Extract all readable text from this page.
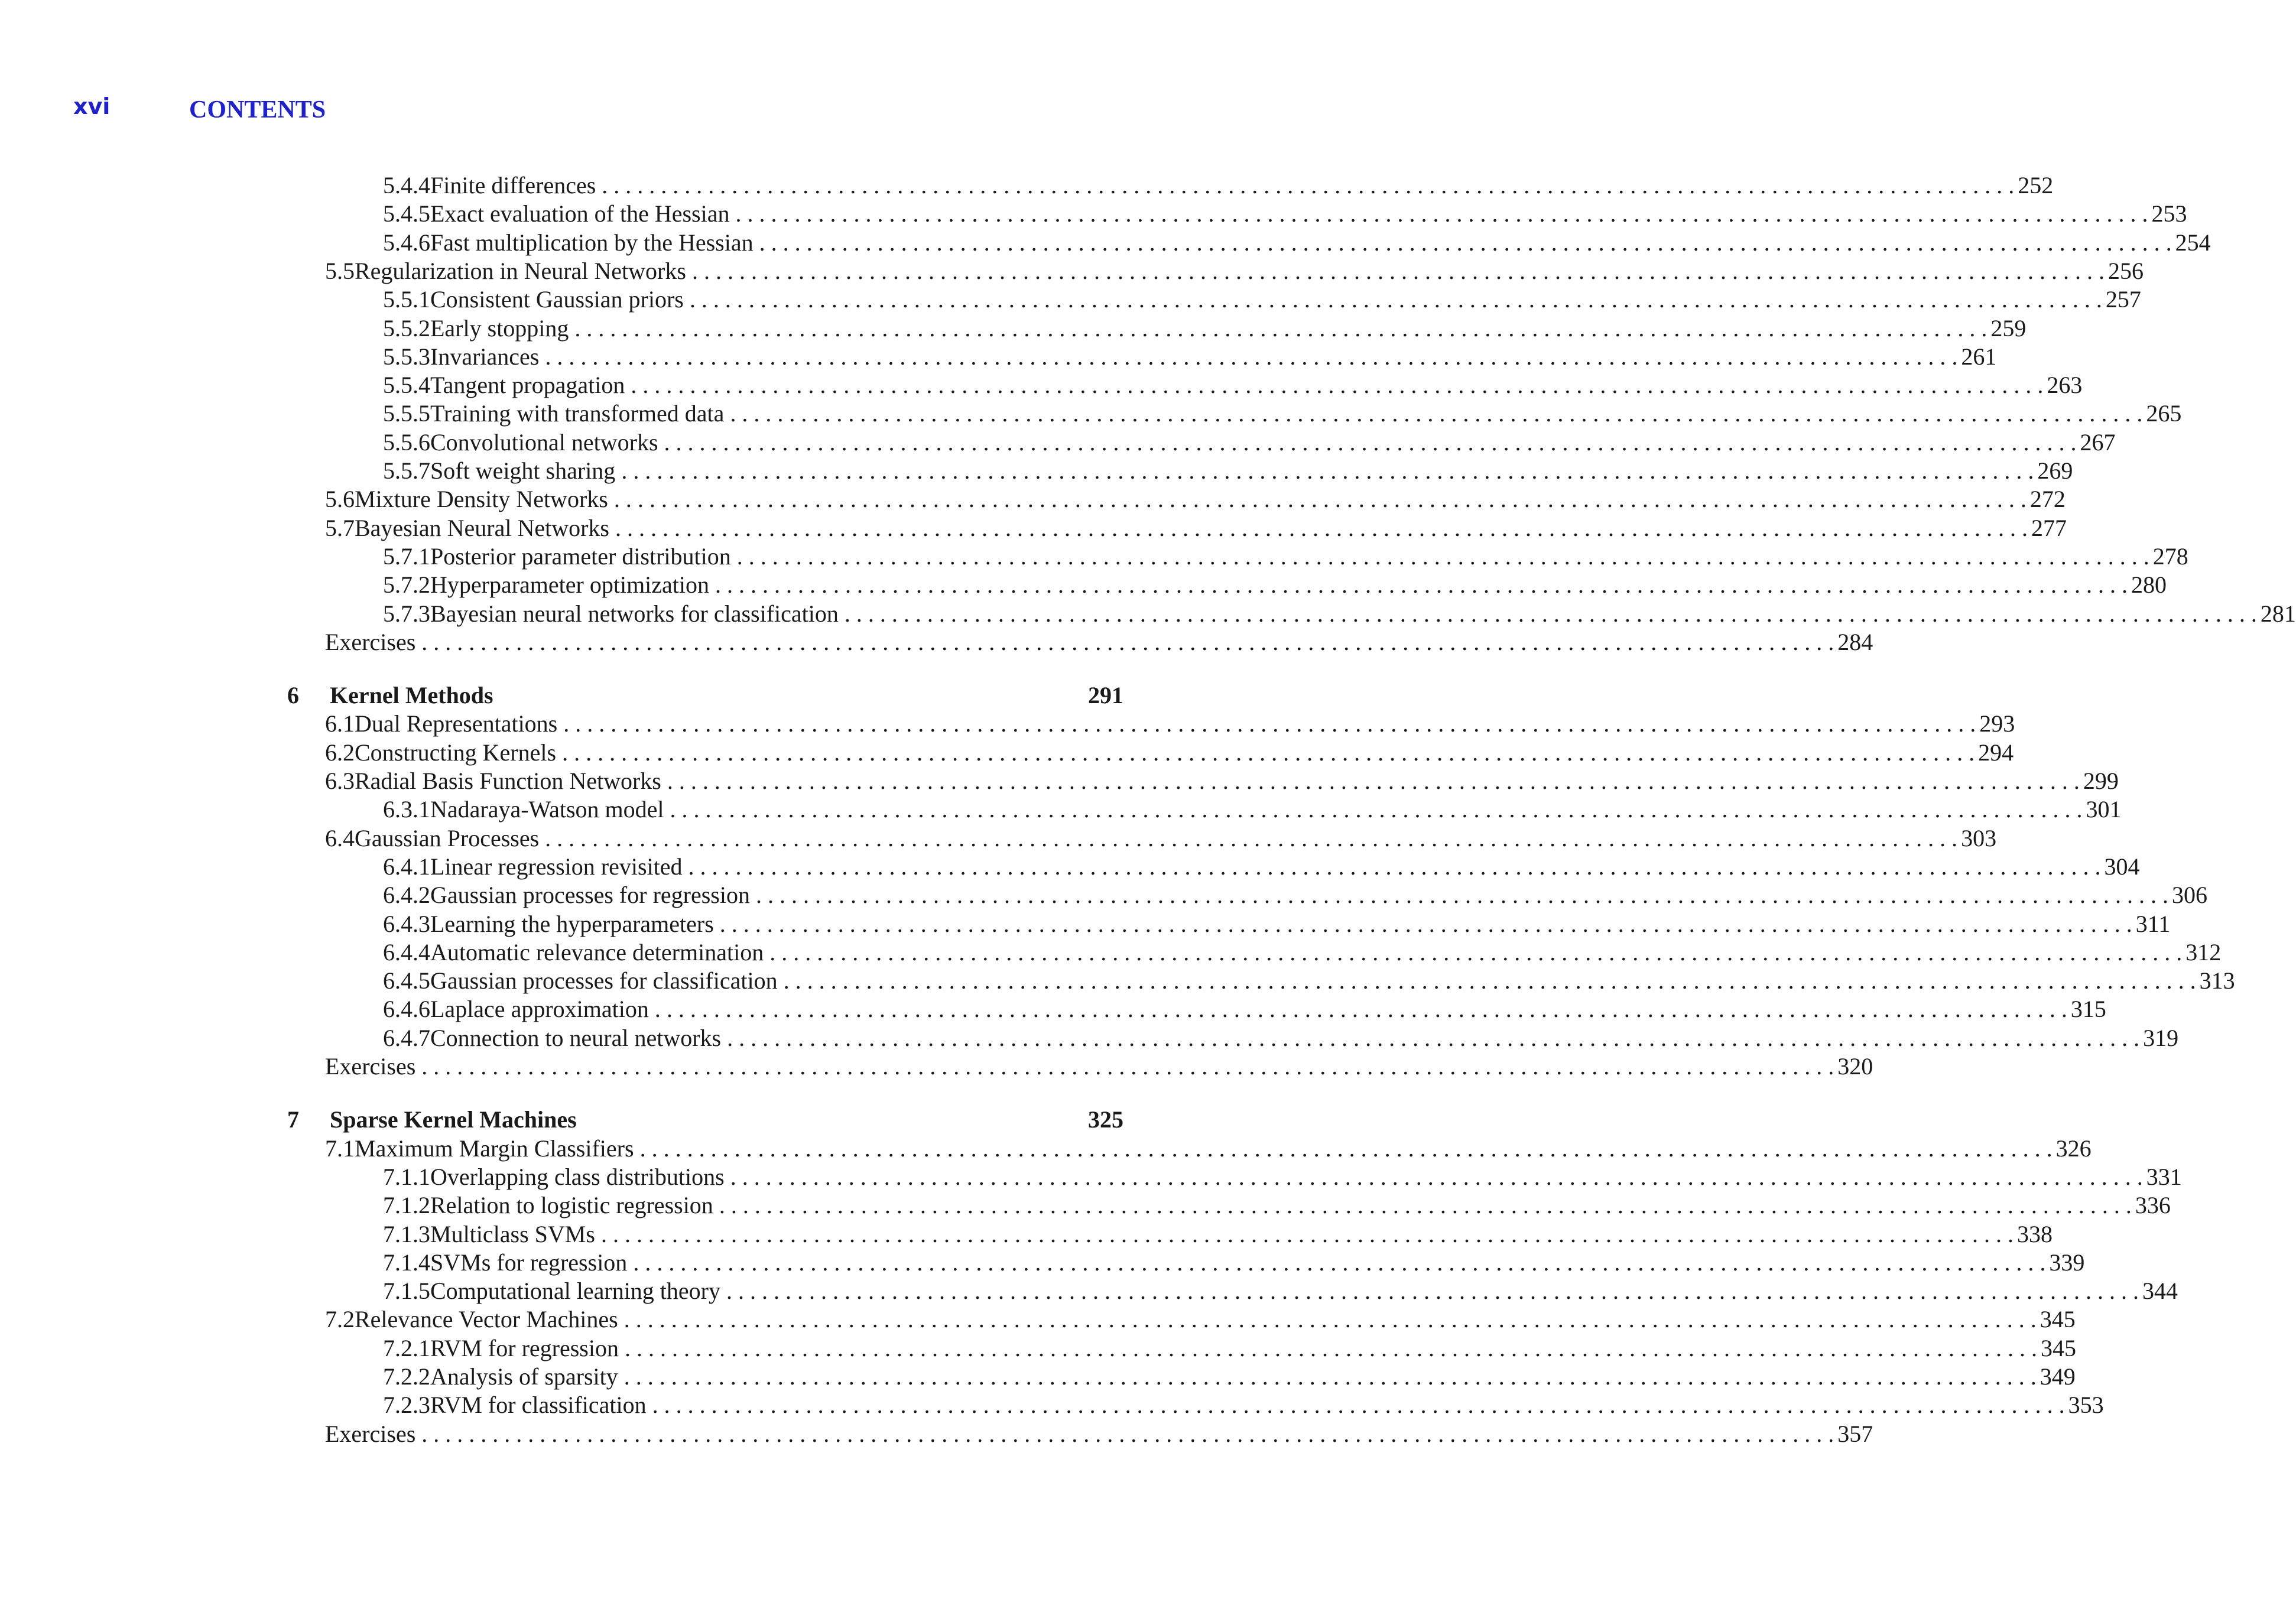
xvi	CONTENTS
5.4.4 Finite differences . . . . . . . . . . . . . . . . . . . . . . . . . . . . . . . . . . . . . . . . . . . . . . . . . . . . . . . . . . . . . . . . . . . . . . . . . . . . . . . . . . . . . . . . . . . . . . . . . . . . . . . . . . . . . . . . . . . . . . . . 252
5.4.5 Exact evaluation of the Hessian . . . . . . . . . . . . . . . . . . . . . . . . . . . . . . . . . . . . . . . . . . . . . . . . . . . . . . . . . . . . . . . . . . . . . . . . . . . . . . . . . . . . . . . . . . . . . . . . . . . . . . . . . . . . . . . . . . . . . . . . 253
5.4.6 Fast multiplication by the Hessian . . . . . . . . . . . . . . . . . . . . . . . . . . . . . . . . . . . . . . . . . . . . . . . . . . . . . . . . . . . . . . . . . . . . . . . . . . . . . . . . . . . . . . . . . . . . . . . . . . . . . . . . . . . . . . . . . . . . . . . . 254
5.5 Regularization in Neural Networks . . . . . . . . . . . . . . . . . . . . . . . . . . . . . . . . . . . . . . . . . . . . . . . . . . . . . . . . . . . . . . . . . . . . . . . . . . . . . . . . . . . . . . . . . . . . . . . . . . . . . . . . . . . . . . . . . . . . . . . . 256
5.5.1 Consistent Gaussian priors . . . . . . . . . . . . . . . . . . . . . . . . . . . . . . . . . . . . . . . . . . . . . . . . . . . . . . . . . . . . . . . . . . . . . . . . . . . . . . . . . . . . . . . . . . . . . . . . . . . . . . . . . . . . . . . . . . . . . . . . 257
5.5.2 Early stopping . . . . . . . . . . . . . . . . . . . . . . . . . . . . . . . . . . . . . . . . . . . . . . . . . . . . . . . . . . . . . . . . . . . . . . . . . . . . . . . . . . . . . . . . . . . . . . . . . . . . . . . . . . . . . . . . . . . . . . . . 259
5.5.3 Invariances . . . . . . . . . . . . . . . . . . . . . . . . . . . . . . . . . . . . . . . . . . . . . . . . . . . . . . . . . . . . . . . . . . . . . . . . . . . . . . . . . . . . . . . . . . . . . . . . . . . . . . . . . . . . . . . . . . . . . . . . 261
5.5.4 Tangent propagation . . . . . . . . . . . . . . . . . . . . . . . . . . . . . . . . . . . . . . . . . . . . . . . . . . . . . . . . . . . . . . . . . . . . . . . . . . . . . . . . . . . . . . . . . . . . . . . . . . . . . . . . . . . . . . . . . . . . . . . . 263
5.5.5 Training with transformed data . . . . . . . . . . . . . . . . . . . . . . . . . . . . . . . . . . . . . . . . . . . . . . . . . . . . . . . . . . . . . . . . . . . . . . . . . . . . . . . . . . . . . . . . . . . . . . . . . . . . . . . . . . . . . . . . . . . . . . . . 265
5.5.6 Convolutional networks . . . . . . . . . . . . . . . . . . . . . . . . . . . . . . . . . . . . . . . . . . . . . . . . . . . . . . . . . . . . . . . . . . . . . . . . . . . . . . . . . . . . . . . . . . . . . . . . . . . . . . . . . . . . . . . . . . . . . . . . 267
5.5.7 Soft weight sharing . . . . . . . . . . . . . . . . . . . . . . . . . . . . . . . . . . . . . . . . . . . . . . . . . . . . . . . . . . . . . . . . . . . . . . . . . . . . . . . . . . . . . . . . . . . . . . . . . . . . . . . . . . . . . . . . . . . . . . . . 269
5.6 Mixture Density Networks . . . . . . . . . . . . . . . . . . . . . . . . . . . . . . . . . . . . . . . . . . . . . . . . . . . . . . . . . . . . . . . . . . . . . . . . . . . . . . . . . . . . . . . . . . . . . . . . . . . . . . . . . . . . . . . . . . . . . . . . 272
5.7 Bayesian Neural Networks . . . . . . . . . . . . . . . . . . . . . . . . . . . . . . . . . . . . . . . . . . . . . . . . . . . . . . . . . . . . . . . . . . . . . . . . . . . . . . . . . . . . . . . . . . . . . . . . . . . . . . . . . . . . . . . . . . . . . . . . 277
5.7.1 Posterior parameter distribution . . . . . . . . . . . . . . . . . . . . . . . . . . . . . . . . . . . . . . . . . . . . . . . . . . . . . . . . . . . . . . . . . . . . . . . . . . . . . . . . . . . . . . . . . . . . . . . . . . . . . . . . . . . . . . . . . . . . . . . . 278
5.7.2 Hyperparameter optimization . . . . . . . . . . . . . . . . . . . . . . . . . . . . . . . . . . . . . . . . . . . . . . . . . . . . . . . . . . . . . . . . . . . . . . . . . . . . . . . . . . . . . . . . . . . . . . . . . . . . . . . . . . . . . . . . . . . . . . . . 280
5.7.3 Bayesian neural networks for classification . . . . . . . . . . . . . . . . . . . . . . . . . . . . . . . . . . . . . . . . . . . . . . . . . . . . . . . . . . . . . . . . . . . . . . . . . . . . . . . . . . . . . . . . . . . . . . . . . . . . . . . . . . . . . . . . . . . . . . . . 281
Exercises . . . . . . . . . . . . . . . . . . . . . . . . . . . . . . . . . . . . . . . . . . . . . . . . . . . . . . . . . . . . . . . . . . . . . . . . . . . . . . . . . . . . . . . . . . . . . . . . . . . . . . . . . . . . . . . . . . . . . . . . 284
6	Kernel Methods	291
6.1 Dual Representations . . . . . . . . . . . . . . . . . . . . . . . . . . . . . . . . . . . . . . . . . . . . . . . . . . . . . . . . . . . . . . . . . . . . . . . . . . . . . . . . . . . . . . . . . . . . . . . . . . . . . . . . . . . . . . . . . . . . . . . . 293
6.2 Constructing Kernels . . . . . . . . . . . . . . . . . . . . . . . . . . . . . . . . . . . . . . . . . . . . . . . . . . . . . . . . . . . . . . . . . . . . . . . . . . . . . . . . . . . . . . . . . . . . . . . . . . . . . . . . . . . . . . . . . . . . . . . . 294
6.3 Radial Basis Function Networks . . . . . . . . . . . . . . . . . . . . . . . . . . . . . . . . . . . . . . . . . . . . . . . . . . . . . . . . . . . . . . . . . . . . . . . . . . . . . . . . . . . . . . . . . . . . . . . . . . . . . . . . . . . . . . . . . . . . . . . . 299
6.3.1 Nadaraya-Watson model . . . . . . . . . . . . . . . . . . . . . . . . . . . . . . . . . . . . . . . . . . . . . . . . . . . . . . . . . . . . . . . . . . . . . . . . . . . . . . . . . . . . . . . . . . . . . . . . . . . . . . . . . . . . . . . . . . . . . . . . 301
6.4 Gaussian Processes . . . . . . . . . . . . . . . . . . . . . . . . . . . . . . . . . . . . . . . . . . . . . . . . . . . . . . . . . . . . . . . . . . . . . . . . . . . . . . . . . . . . . . . . . . . . . . . . . . . . . . . . . . . . . . . . . . . . . . . . 303
6.4.1 Linear regression revisited . . . . . . . . . . . . . . . . . . . . . . . . . . . . . . . . . . . . . . . . . . . . . . . . . . . . . . . . . . . . . . . . . . . . . . . . . . . . . . . . . . . . . . . . . . . . . . . . . . . . . . . . . . . . . . . . . . . . . . . . 304
6.4.2 Gaussian processes for regression . . . . . . . . . . . . . . . . . . . . . . . . . . . . . . . . . . . . . . . . . . . . . . . . . . . . . . . . . . . . . . . . . . . . . . . . . . . . . . . . . . . . . . . . . . . . . . . . . . . . . . . . . . . . . . . . . . . . . . . . 306
6.4.3 Learning the hyperparameters . . . . . . . . . . . . . . . . . . . . . . . . . . . . . . . . . . . . . . . . . . . . . . . . . . . . . . . . . . . . . . . . . . . . . . . . . . . . . . . . . . . . . . . . . . . . . . . . . . . . . . . . . . . . . . . . . . . . . . . . 311
6.4.4 Automatic relevance determination . . . . . . . . . . . . . . . . . . . . . . . . . . . . . . . . . . . . . . . . . . . . . . . . . . . . . . . . . . . . . . . . . . . . . . . . . . . . . . . . . . . . . . . . . . . . . . . . . . . . . . . . . . . . . . . . . . . . . . . . 312
6.4.5 Gaussian processes for classification . . . . . . . . . . . . . . . . . . . . . . . . . . . . . . . . . . . . . . . . . . . . . . . . . . . . . . . . . . . . . . . . . . . . . . . . . . . . . . . . . . . . . . . . . . . . . . . . . . . . . . . . . . . . . . . . . . . . . . . . 313
6.4.6 Laplace approximation . . . . . . . . . . . . . . . . . . . . . . . . . . . . . . . . . . . . . . . . . . . . . . . . . . . . . . . . . . . . . . . . . . . . . . . . . . . . . . . . . . . . . . . . . . . . . . . . . . . . . . . . . . . . . . . . . . . . . . . . 315
6.4.7 Connection to neural networks . . . . . . . . . . . . . . . . . . . . . . . . . . . . . . . . . . . . . . . . . . . . . . . . . . . . . . . . . . . . . . . . . . . . . . . . . . . . . . . . . . . . . . . . . . . . . . . . . . . . . . . . . . . . . . . . . . . . . . . . 319
Exercises . . . . . . . . . . . . . . . . . . . . . . . . . . . . . . . . . . . . . . . . . . . . . . . . . . . . . . . . . . . . . . . . . . . . . . . . . . . . . . . . . . . . . . . . . . . . . . . . . . . . . . . . . . . . . . . . . . . . . . . . 320
7	Sparse Kernel Machines	325
7.1 Maximum Margin Classifiers . . . . . . . . . . . . . . . . . . . . . . . . . . . . . . . . . . . . . . . . . . . . . . . . . . . . . . . . . . . . . . . . . . . . . . . . . . . . . . . . . . . . . . . . . . . . . . . . . . . . . . . . . . . . . . . . . . . . . . . . 326
7.1.1 Overlapping class distributions . . . . . . . . . . . . . . . . . . . . . . . . . . . . . . . . . . . . . . . . . . . . . . . . . . . . . . . . . . . . . . . . . . . . . . . . . . . . . . . . . . . . . . . . . . . . . . . . . . . . . . . . . . . . . . . . . . . . . . . . 331
7.1.2 Relation to logistic regression . . . . . . . . . . . . . . . . . . . . . . . . . . . . . . . . . . . . . . . . . . . . . . . . . . . . . . . . . . . . . . . . . . . . . . . . . . . . . . . . . . . . . . . . . . . . . . . . . . . . . . . . . . . . . . . . . . . . . . . . 336
7.1.3 Multiclass SVMs . . . . . . . . . . . . . . . . . . . . . . . . . . . . . . . . . . . . . . . . . . . . . . . . . . . . . . . . . . . . . . . . . . . . . . . . . . . . . . . . . . . . . . . . . . . . . . . . . . . . . . . . . . . . . . . . . . . . . . . . 338
7.1.4 SVMs for regression . . . . . . . . . . . . . . . . . . . . . . . . . . . . . . . . . . . . . . . . . . . . . . . . . . . . . . . . . . . . . . . . . . . . . . . . . . . . . . . . . . . . . . . . . . . . . . . . . . . . . . . . . . . . . . . . . . . . . . . . 339
7.1.5 Computational learning theory . . . . . . . . . . . . . . . . . . . . . . . . . . . . . . . . . . . . . . . . . . . . . . . . . . . . . . . . . . . . . . . . . . . . . . . . . . . . . . . . . . . . . . . . . . . . . . . . . . . . . . . . . . . . . . . . . . . . . . . . 344
7.2 Relevance Vector Machines . . . . . . . . . . . . . . . . . . . . . . . . . . . . . . . . . . . . . . . . . . . . . . . . . . . . . . . . . . . . . . . . . . . . . . . . . . . . . . . . . . . . . . . . . . . . . . . . . . . . . . . . . . . . . . . . . . . . . . . . 345
7.2.1 RVM for regression . . . . . . . . . . . . . . . . . . . . . . . . . . . . . . . . . . . . . . . . . . . . . . . . . . . . . . . . . . . . . . . . . . . . . . . . . . . . . . . . . . . . . . . . . . . . . . . . . . . . . . . . . . . . . . . . . . . . . . . . 345
7.2.2 Analysis of sparsity . . . . . . . . . . . . . . . . . . . . . . . . . . . . . . . . . . . . . . . . . . . . . . . . . . . . . . . . . . . . . . . . . . . . . . . . . . . . . . . . . . . . . . . . . . . . . . . . . . . . . . . . . . . . . . . . . . . . . . . . 349
7.2.3 RVM for classification . . . . . . . . . . . . . . . . . . . . . . . . . . . . . . . . . . . . . . . . . . . . . . . . . . . . . . . . . . . . . . . . . . . . . . . . . . . . . . . . . . . . . . . . . . . . . . . . . . . . . . . . . . . . . . . . . . . . . . . . 353
Exercises . . . . . . . . . . . . . . . . . . . . . . . . . . . . . . . . . . . . . . . . . . . . . . . . . . . . . . . . . . . . . . . . . . . . . . . . . . . . . . . . . . . . . . . . . . . . . . . . . . . . . . . . . . . . . . . . . . . . . . . . 357
